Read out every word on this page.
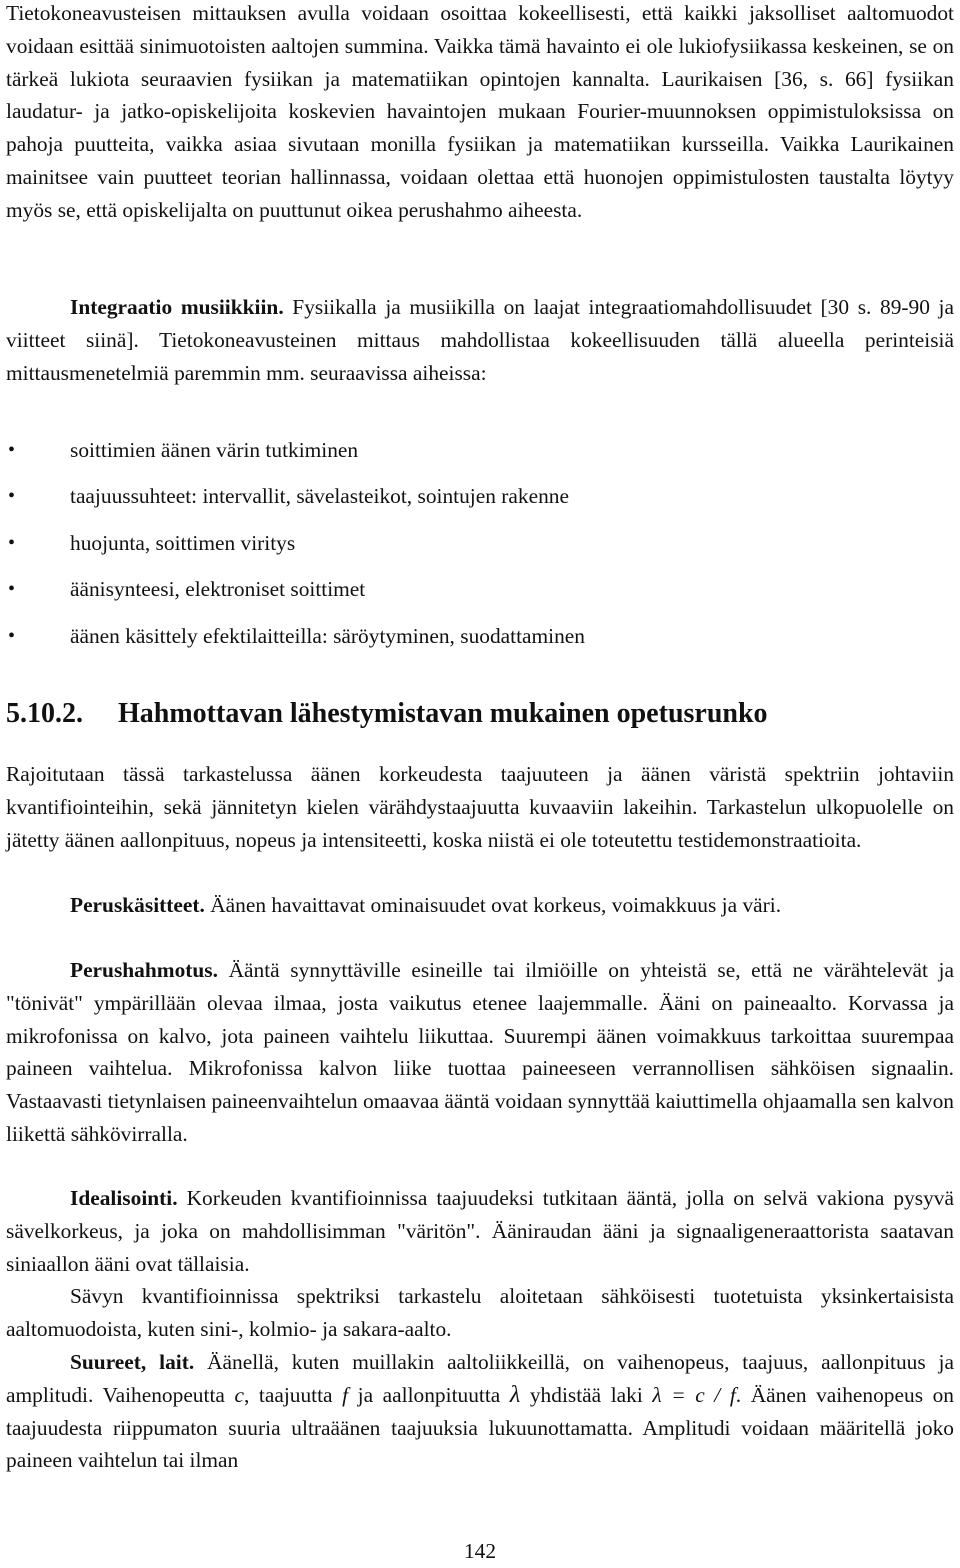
Tietokoneavusteisen mittauksen avulla voidaan osoittaa kokeellisesti, että kaikki jaksolliset aaltomuodot voidaan esittää sinimuotoisten aaltojen summina. Vaikka tämä havainto ei ole lukiofysiikassa keskeinen, se on tärkeä lukiota seuraavien fysiikan ja matematiikan opintojen kannalta. Laurikaisen [36, s. 66] fysiikan laudatur- ja jatko-opiskelijoita koskevien havaintojen mukaan Fourier-muunnoksen oppimistuloksissa on pahoja puutteita, vaikka asiaa sivutaan monilla fysiikan ja matematiikan kursseilla. Vaikka Laurikainen mainitsee vain puutteet teorian hallinnassa, voidaan olettaa että huonojen oppimistulosten taustalta löytyy myös se, että opiskelijalta on puuttunut oikea perushahmo aiheesta.

Integraatio musiikkiin. Fysiikalla ja musiikilla on laajat integraatiomahdollisuudet [30 s. 89-90 ja viitteet siinä]. Tietokoneavusteinen mittaus mahdollistaa kokeellisuuden tällä alueella perinteisiä mittausmenetelmiä paremmin mm. seuraavissa aiheissa:

•	soittimien äänen värin tutkiminen
•	taajuussuhteet: intervallit, sävelasteikot, sointujen rakenne
•	huojunta, soittimen viritys
•	äänisynteesi, elektroniset soittimet
•	äänen käsittely efektilaitteilla: säröytyminen, suodattaminen
5.10.2.	Hahmottavan lähestymistavan mukainen opetusrunko

Rajoitutaan tässä tarkastelussa äänen korkeudesta taajuuteen ja äänen väristä spektriin johtaviin kvantifiointeihin, sekä jännitetyn kielen värähdystaajuutta kuvaaviin lakeihin. Tarkastelun ulkopuolelle on jätetty äänen aallonpituus, nopeus ja intensiteetti, koska niistä ei ole toteutettu testidemonstraatioita.

Peruskäsitteet. Äänen havaittavat ominaisuudet ovat korkeus, voimakkuus ja väri.

Perushahmotus. Ääntä synnyttäville esineille tai ilmiöille on yhteistä se, että ne värähtelevät ja "tönivät" ympärillään olevaa ilmaa, josta vaikutus etenee laajemmalle. Ääni on paineaalto. Korvassa ja mikrofonissa on kalvo, jota paineen vaihtelu liikuttaa. Suurempi äänen voimakkuus tarkoittaa suurempaa paineen vaihtelua. Mikrofonissa kalvon liike tuottaa paineeseen verrannollisen sähköisen signaalin. Vastaavasti tietynlaisen paineenvaihtelun omaavaa ääntä voidaan synnyttää kaiuttimella ohjaamalla sen kalvon liikettä sähkövirralla.

Idealisointi. Korkeuden kvantifioinnissa taajuudeksi tutkitaan ääntä, jolla on selvä vakiona pysyvä sävelkorkeus, ja joka on mahdollisimman "väritön". Ääniraudan ääni ja signaaligeneraattorista saatavan siniaallon ääni ovat tällaisia.

Sävyn kvantifioinnissa spektriksi tarkastelu aloitetaan sähköisesti tuotetuista yksinkertaisista aaltomuodoista, kuten sini-, kolmio- ja sakara-aalto.

Suureet, lait. Äänellä, kuten muillakin aaltoliikkeillä, on vaihenopeus, taajuus, aallonpituus ja amplitudi. Vaihenopeutta c, taajuutta f ja aallonpituutta λ yhdistää laki λ = c / f. Äänen vaihenopeus on taajuudesta riippumaton suuria ultraäänen taajuuksia lukuunottamatta. Amplitudi voidaan määritellä joko paineen vaihtelun tai ilman

142
